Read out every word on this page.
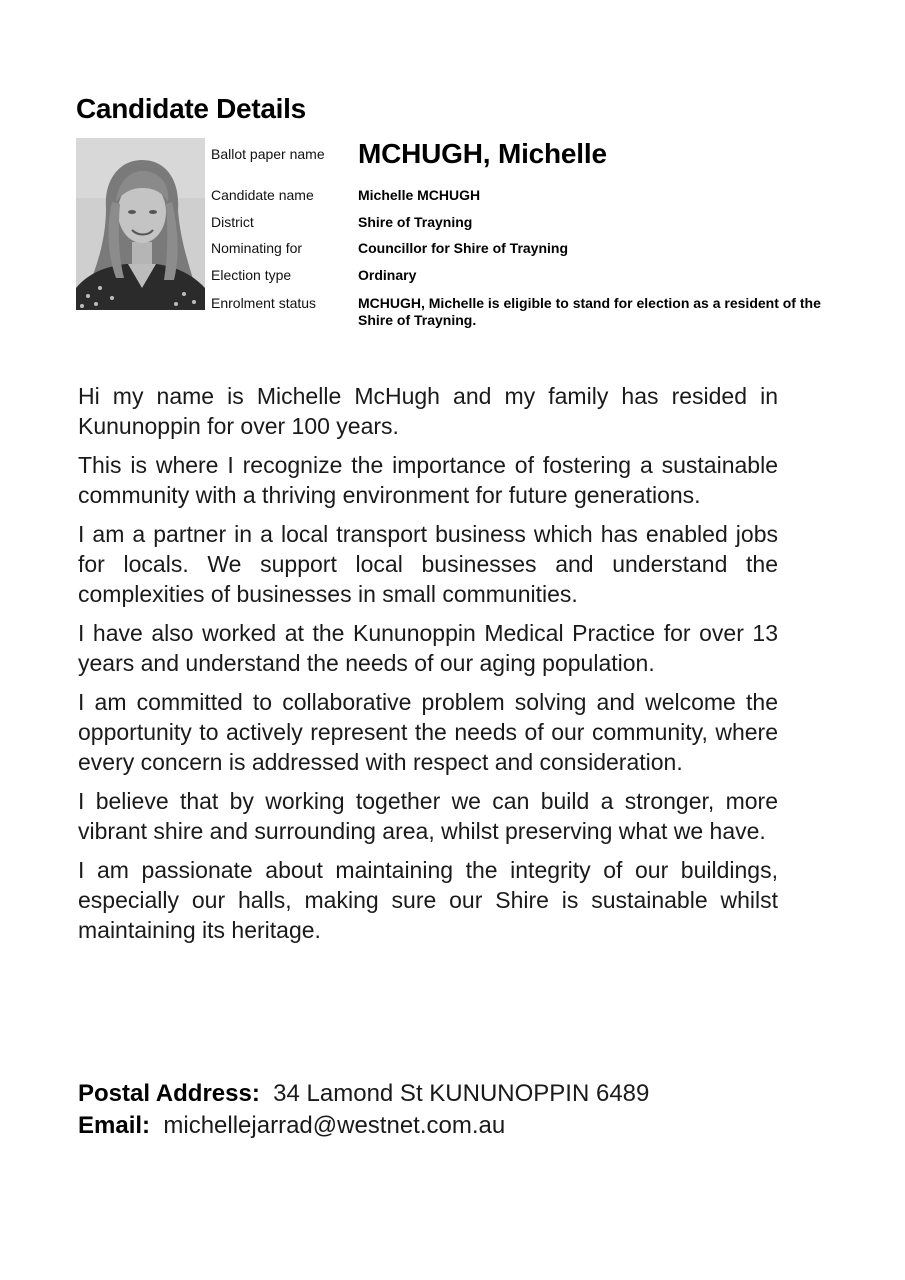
Candidate Details
Ballot paper name MCHUGH, Michelle
Candidate name	Michelle MCHUGH
District	Shire of Trayning
Nominating for	Councillor for Shire of Trayning
Election type	Ordinary
Enrolment status	MCHUGH, Michelle is eligible to stand for election as a resident of the Shire of Trayning.

Hi my name is Michelle McHugh and my family has resided in Kununoppin for over 100 years.

This is where I recognize the importance of fostering a sustainable community with a thriving environment for future generations.

I am a partner in a local transport business which has enabled jobs for locals. We support local businesses and understand the complexities of businesses in small communities.

I have also worked at the Kununoppin Medical Practice for over 13 years and understand the needs of our aging population.

I am committed to collaborative problem solving and welcome the opportunity to actively represent the needs of our community, where every concern is addressed with respect and consideration.

I believe that by working together we can build a stronger, more vibrant shire and surrounding area, whilst preserving what we have.

I am passionate about maintaining the integrity of our buildings, especially our halls, making sure our Shire is sustainable whilst maintaining its heritage.

Postal Address: 34 Lamond St KUNUNOPPIN 6489
Email: michellejarrad@westnet.com.au
